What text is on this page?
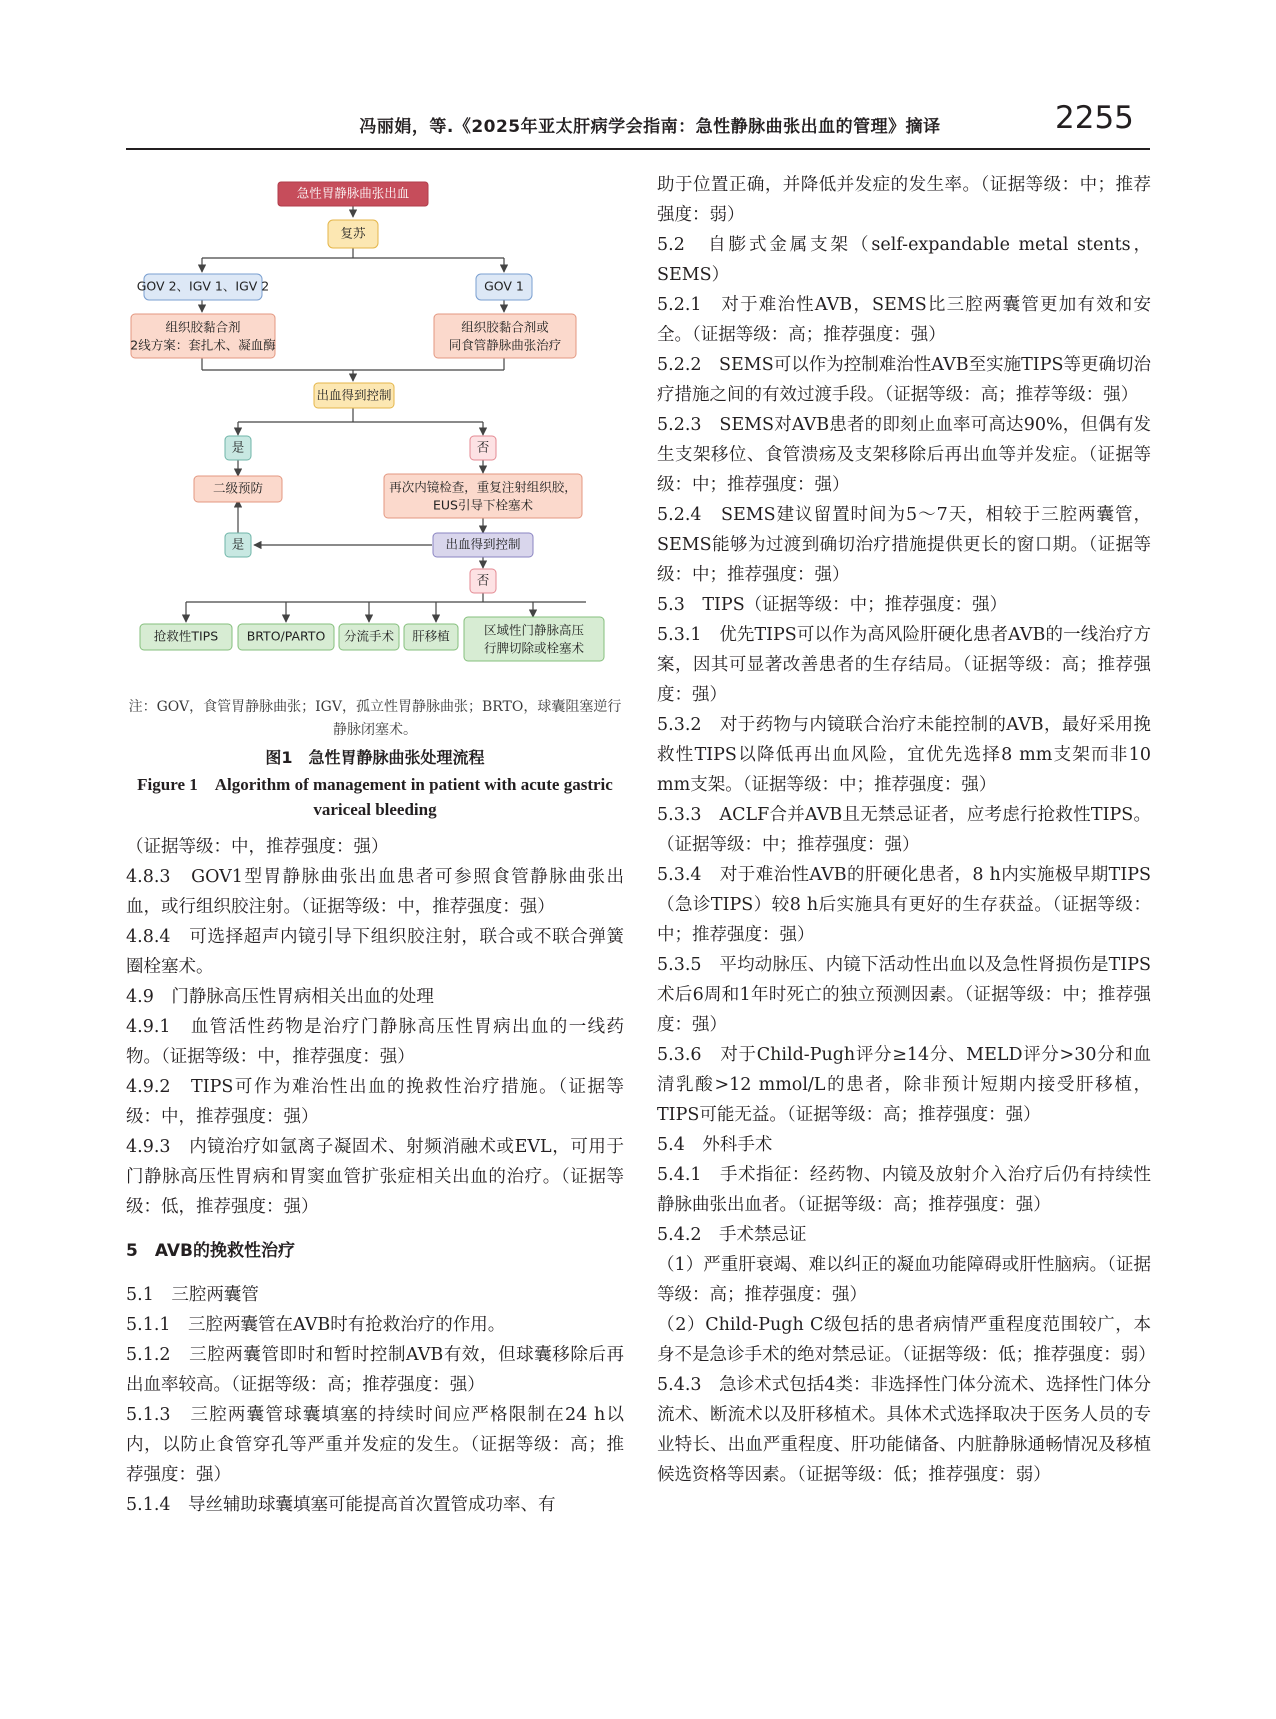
冯丽娟，等.《2025年亚太肝病学会指南：急性静脉曲张出血的管理》摘译	2255
急性胃静脉曲张出血
复苏
GOV 2、IGV 1、IGV 2	GOV 1
组织胶黏合剂
2线方案：套扎术、凝血酶
组织胶黏合剂或
同食管静脉曲张治疗
出血得到控制
是	否
二级预防	再次内镜检查，重复注射组织胶，
EUS引导下栓塞术
是	出血得到控制
否
抢救性TIPS BRTO/PARTO 分流手术 肝移植	区域性门静脉高压
行脾切除或栓塞术
注：GOV，食管胃静脉曲张；IGV，孤立性胃静脉曲张；BRTO，球囊阻塞逆行静脉闭塞术。
图1　急性胃静脉曲张处理流程
Figure 1　Algorithm of management in patient with acute gastric variceal bleeding

（证据等级：中，推荐强度：强）

4.8.3　GOV1型胃静脉曲张出血患者可参照食管静脉曲张出血，或行组织胶注射。（证据等级：中，推荐强度：强）

4.8.4　可选择超声内镜引导下组织胶注射，联合或不联合弹簧圈栓塞术。

4.9　门静脉高压性胃病相关出血的处理

4.9.1　血管活性药物是治疗门静脉高压性胃病出血的一线药物。（证据等级：中，推荐强度：强）

4.9.2　TIPS可作为难治性出血的挽救性治疗措施。（证据等级：中，推荐强度：强）

4.9.3　内镜治疗如氩离子凝固术、射频消融术或EVL，可用于门静脉高压性胃病和胃窦血管扩张症相关出血的治疗。（证据等级：低，推荐强度：强）

5　AVB的挽救性治疗

5.1　三腔两囊管

5.1.1　三腔两囊管在AVB时有抢救治疗的作用。

5.1.2　三腔两囊管即时和暂时控制AVB有效，但球囊移除后再出血率较高。（证据等级：高；推荐强度：强）

5.1.3　三腔两囊管球囊填塞的持续时间应严格限制在24 h以内，以防止食管穿孔等严重并发症的发生。（证据等级：高；推荐强度：强）

5.1.4　导丝辅助球囊填塞可能提高首次置管成功率、有

助于位置正确，并降低并发症的发生率。（证据等级：中；推荐强度：弱）

5.2　自膨式金属支架（self-expandable metal stents，SEMS）

5.2.1　对于难治性AVB，SEMS比三腔两囊管更加有效和安全。（证据等级：高；推荐强度：强）

5.2.2　SEMS可以作为控制难治性AVB至实施TIPS等更确切治疗措施之间的有效过渡手段。（证据等级：高；推荐等级：强）

5.2.3　SEMS对AVB患者的即刻止血率可高达90%，但偶有发生支架移位、食管溃疡及支架移除后再出血等并发症。（证据等级：中；推荐强度：强）

5.2.4　SEMS建议留置时间为5～7天，相较于三腔两囊管，SEMS能够为过渡到确切治疗措施提供更长的窗口期。（证据等级：中；推荐强度：强）

5.3　TIPS（证据等级：中；推荐强度：强）

5.3.1　优先TIPS可以作为高风险肝硬化患者AVB的一线治疗方案，因其可显著改善患者的生存结局。（证据等级：高；推荐强度：强）

5.3.2　对于药物与内镜联合治疗未能控制的AVB，最好采用挽救性TIPS以降低再出血风险，宜优先选择8 mm支架而非10 mm支架。（证据等级：中；推荐强度：强）

5.3.3　ACLF合并AVB且无禁忌证者，应考虑行抢救性TIPS。（证据等级：中；推荐强度：强）

5.3.4　对于难治性AVB的肝硬化患者，8 h内实施极早期TIPS（急诊TIPS）较8 h后实施具有更好的生存获益。（证据等级：中；推荐强度：强）

5.3.5　平均动脉压、内镜下活动性出血以及急性肾损伤是TIPS术后6周和1年时死亡的独立预测因素。（证据等级：中；推荐强度：强）

5.3.6　对于Child-Pugh评分≥14分、MELD评分>30分和血清乳酸>12 mmol/L的患者，除非预计短期内接受肝移植，TIPS可能无益。（证据等级：高；推荐强度：强）

5.4　外科手术

5.4.1　手术指征：经药物、内镜及放射介入治疗后仍有持续性静脉曲张出血者。（证据等级：高；推荐强度：强）

5.4.2　手术禁忌证

（1）严重肝衰竭、难以纠正的凝血功能障碍或肝性脑病。（证据等级：高；推荐强度：强）

（2）Child-Pugh C级包括的患者病情严重程度范围较广，本身不是急诊手术的绝对禁忌证。（证据等级：低；推荐强度：弱）

5.4.3　急诊术式包括4类：非选择性门体分流术、选择性门体分流术、断流术以及肝移植术。具体术式选择取决于医务人员的专业特长、出血严重程度、肝功能储备、内脏静脉通畅情况及移植候选资格等因素。（证据等级：低；推荐强度：弱）
